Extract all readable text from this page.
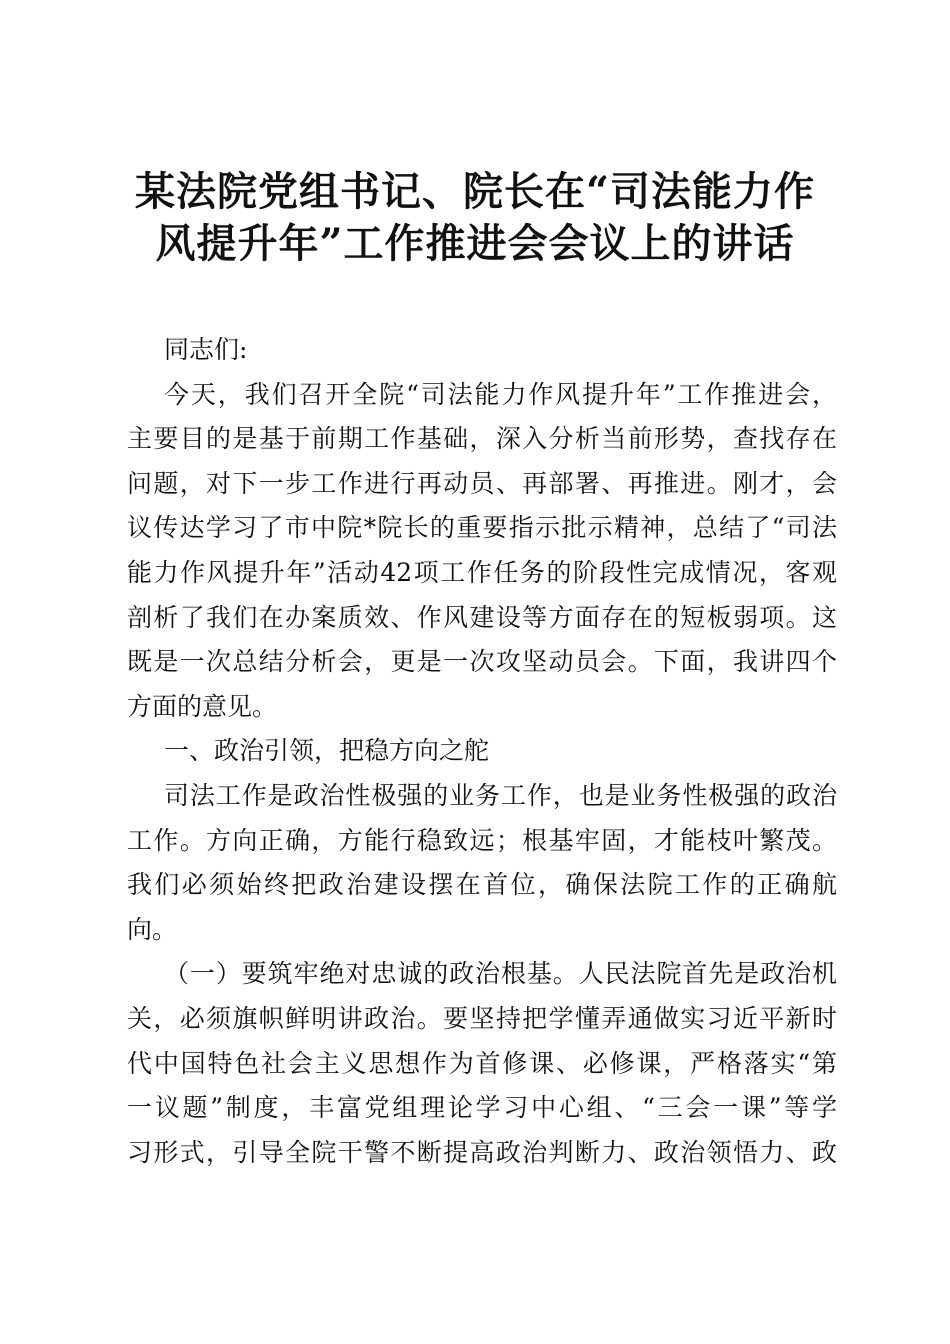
某法院党组书记、院长在“司法能力作
风提升年”工作推进会会议上的讲话
同志们:
今天，我们召开全院“司法能力作风提升年”工作推进会，
主要目的是基于前期工作基础，深入分析当前形势，查找存在
问题，对下一步工作进行再动员、再部署、再推进。刚才，会
议传达学习了市中院*院长的重要指示批示精神，总结了“司法
能力作风提升年”活动42项工作任务的阶段性完成情况，客观
剖析了我们在办案质效、作风建设等方面存在的短板弱项。这
既是一次总结分析会，更是一次攻坚动员会。下面，我讲四个
方面的意见。
一、政治引领，把稳方向之舵
司法工作是政治性极强的业务工作，也是业务性极强的政治
工作。方向正确，方能行稳致远；根基牢固，才能枝叶繁茂。
我们必须始终把政治建设摆在首位，确保法院工作的正确航
向。
（一）要筑牢绝对忠诚的政治根基。人民法院首先是政治机
关，必须旗帜鲜明讲政治。要坚持把学懂弄通做实习近平新时
代中国特色社会主义思想作为首修课、必修课，严格落实“第
一议题”制度，丰富党组理论学习中心组、“三会一课”等学
习形式，引导全院干警不断提高政治判断力、政治领悟力、政
